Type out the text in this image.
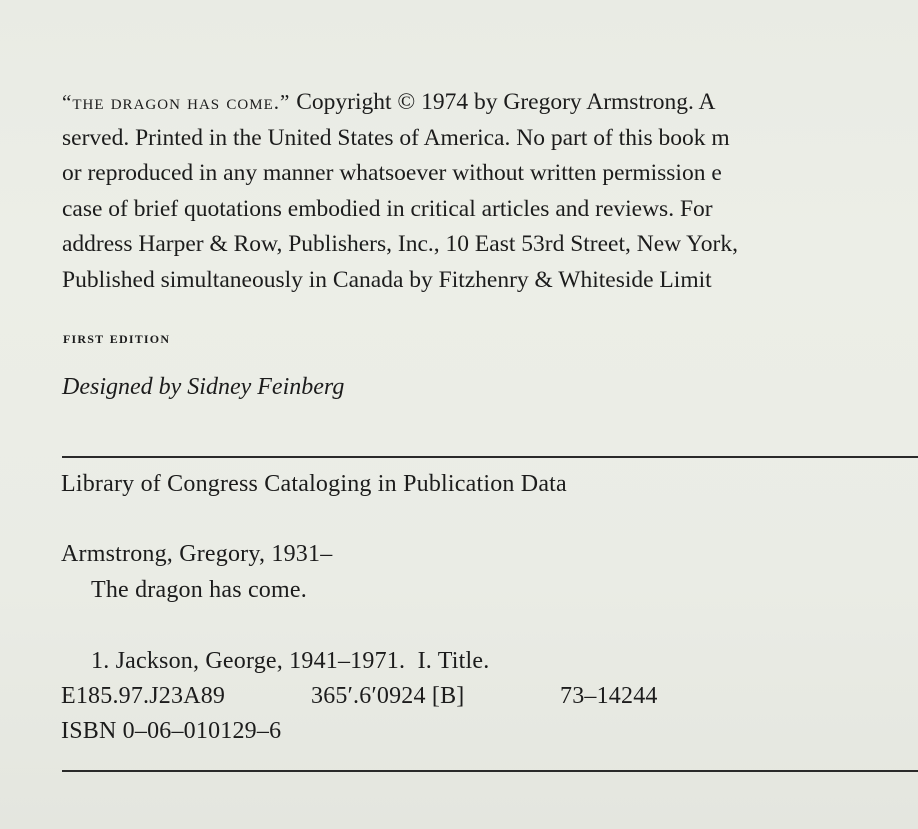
“the dragon has come.” Copyright © 1974 by Gregory Armstrong. A
served. Printed in the United States of America. No part of this book m
or reproduced in any manner whatsoever without written permission e
case of brief quotations embodied in critical articles and reviews. For
address Harper & Row, Publishers, Inc., 10 East 53rd Street, New York,
Published simultaneously in Canada by Fitzhenry & Whiteside Limit
first edition
Designed by Sidney Feinberg
Library of Congress Cataloging in Publication Data
Armstrong, Gregory, 1931–
The dragon has come.
1. Jackson, George, 1941–1971.  I. Title.
E185.97.J23A89	365′.6′0924 [B]	73–14244
ISBN 0–06–010129–6
